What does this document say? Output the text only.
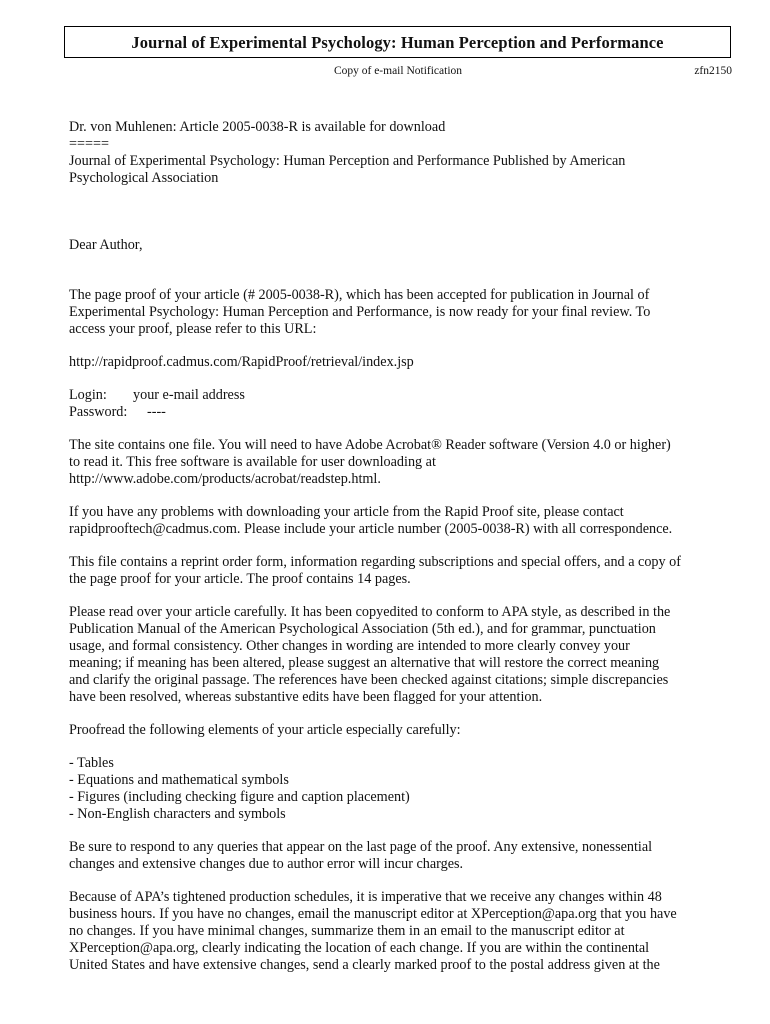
Journal of Experimental Psychology: Human Perception and Performance
Copy of e-mail Notification	zfn2150

Dr. von Muhlenen: Article 2005-0038-R is available for download

=====

Journal of Experimental Psychology: Human Perception and Performance Published by American

Psychological Association

Dear Author,

The page proof of your article (# 2005-0038-R), which has been accepted for publication in Journal of

Experimental Psychology: Human Perception and Performance, is now ready for your final review. To

access your proof, please refer to this URL:

http://rapidproof.cadmus.com/RapidProof/retrieval/index.jsp

Login: your e-mail address

Password: ----

The site contains one file. You will need to have Adobe Acrobat® Reader software (Version 4.0 or higher)

to read it. This free software is available for user downloading at

http://www.adobe.com/products/acrobat/readstep.html.

If you have any problems with downloading your article from the Rapid Proof site, please contact

rapidprooftech@cadmus.com. Please include your article number (2005-0038-R) with all correspondence.

This file contains a reprint order form, information regarding subscriptions and special offers, and a copy of

the page proof for your article. The proof contains 14 pages.

Please read over your article carefully. It has been copyedited to conform to APA style, as described in the

Publication Manual of the American Psychological Association (5th ed.), and for grammar, punctuation

usage, and formal consistency. Other changes in wording are intended to more clearly convey your

meaning; if meaning has been altered, please suggest an alternative that will restore the correct meaning

and clarify the original passage. The references have been checked against citations; simple discrepancies

have been resolved, whereas substantive edits have been flagged for your attention.

Proofread the following elements of your article especially carefully:

- Tables

- Equations and mathematical symbols

- Figures (including checking figure and caption placement)

- Non-English characters and symbols

Be sure to respond to any queries that appear on the last page of the proof. Any extensive, nonessential

changes and extensive changes due to author error will incur charges.

Because of APA’s tightened production schedules, it is imperative that we receive any changes within 48

business hours. If you have no changes, email the manuscript editor at XPerception@apa.org that you have

no changes. If you have minimal changes, summarize them in an email to the manuscript editor at

XPerception@apa.org, clearly indicating the location of each change. If you are within the continental

United States and have extensive changes, send a clearly marked proof to the postal address given at the
